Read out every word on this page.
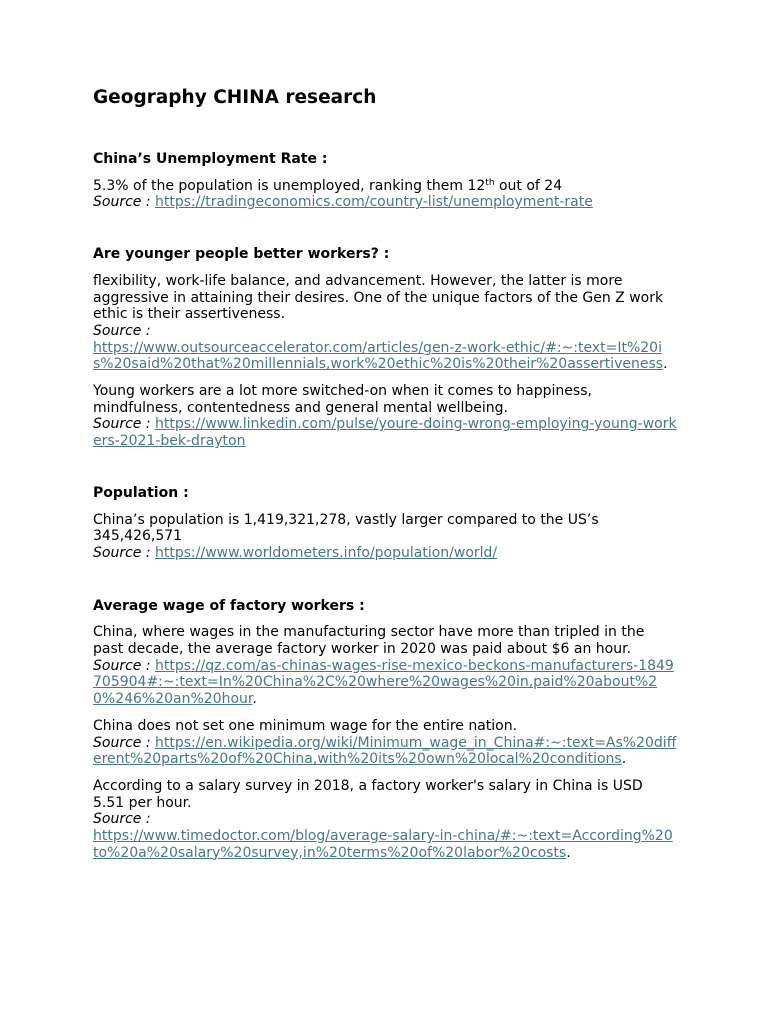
Geography CHINA research

China’s Unemployment Rate :

5.3% of the population is unemployed, ranking them 12th out of 24
Source : https://tradingeconomics.com/country-list/unemployment-rate

Are younger people better workers? :

flexibility, work-life balance, and advancement. However, the latter is more aggressive in attaining their desires. One of the unique factors of the Gen Z work ethic is their assertiveness.
Source :
https://www.outsourceaccelerator.com/articles/gen-z-work-ethic/#:~:text=It%20is%20said%20that%20millennials,work%20ethic%20is%20their%20assertiveness.

Young workers are a lot more switched-on when it comes to happiness, mindfulness, contentedness and general mental wellbeing.
Source : https://www.linkedin.com/pulse/youre-doing-wrong-employing-young-workers-2021-bek-drayton

Population :

China’s population is 1,419,321,278, vastly larger compared to the US’s 345,426,571
Source : https://www.worldometers.info/population/world/

Average wage of factory workers :

China, where wages in the manufacturing sector have more than tripled in the past decade, the average factory worker in 2020 was paid about $6 an hour.
Source : https://qz.com/as-chinas-wages-rise-mexico-beckons-manufacturers-1849705904#:~:text=In%20China%2C%20where%20wages%20in,paid%20about%20%246%20an%20hour.

China does not set one minimum wage for the entire nation.
Source : https://en.wikipedia.org/wiki/Minimum_wage_in_China#:~:text=As%20different%20parts%20of%20China,with%20its%20own%20local%20conditions.

According to a salary survey in 2018, a factory worker's salary in China is USD 5.51 per hour.
Source :
https://www.timedoctor.com/blog/average-salary-in-china/#:~:text=According%20to%20a%20salary%20survey,in%20terms%20of%20labor%20costs.
